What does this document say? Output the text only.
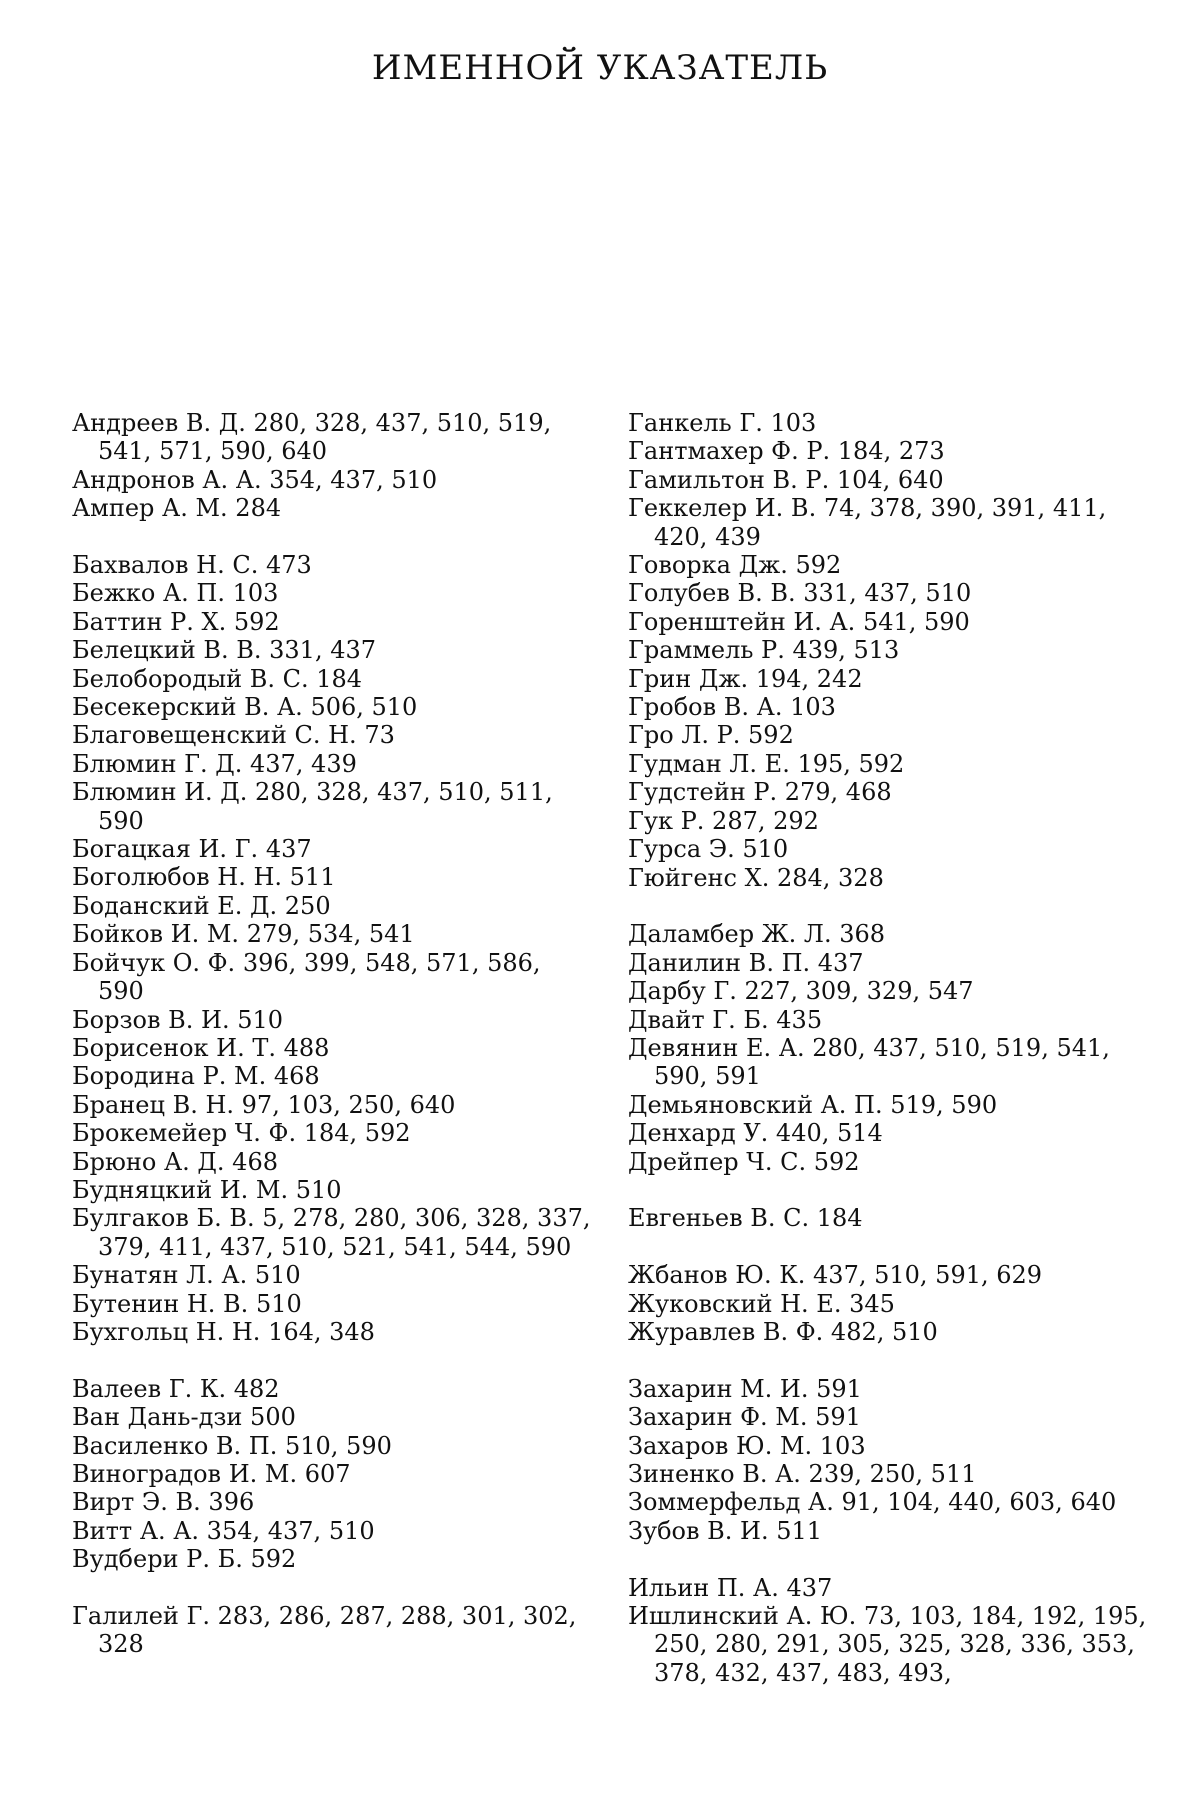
ИМЕННОЙ УКАЗАТЕЛЬ
Андреев В. Д. 280, 328, 437, 510, 519, 541, 571, 590, 640
Андронов А. А. 354, 437, 510
Ампер А. М. 284
Бахвалов Н. С. 473
Бежко А. П. 103
Баттин Р. Х. 592
Белецкий В. В. 331, 437
Белобородый В. С. 184
Бесекерский В. А. 506, 510
Благовещенский С. Н. 73
Блюмин Г. Д. 437, 439
Блюмин И. Д. 280, 328, 437, 510, 511, 590
Богацкая И. Г. 437
Боголюбов Н. Н. 511
Боданский Е. Д. 250
Бойков И. М. 279, 534, 541
Бойчук О. Ф. 396, 399, 548, 571, 586, 590
Борзов В. И. 510
Борисенок И. Т. 488
Бородина Р. М. 468
Бранец В. Н. 97, 103, 250, 640
Брокемейер Ч. Ф. 184, 592
Брюно А. Д. 468
Будняцкий И. М. 510
Булгаков Б. В. 5, 278, 280, 306, 328, 337, 379, 411, 437, 510, 521, 541, 544, 590
Бунатян Л. А. 510
Бутенин Н. В. 510
Бухгольц Н. Н. 164, 348
Валеев Г. К. 482
Ван Дань-дзи 500
Василенко В. П. 510, 590
Виноградов И. М. 607
Вирт Э. В. 396
Витт А. А. 354, 437, 510
Вудбери Р. Б. 592
Галилей Г. 283, 286, 287, 288, 301, 302, 328
Ганкель Г. 103
Гантмахер Ф. Р. 184, 273
Гамильтон В. Р. 104, 640
Геккелер И. В. 74, 378, 390, 391, 411, 420, 439
Говорка Дж. 592
Голубев В. В. 331, 437, 510
Горенштейн И. А. 541, 590
Граммель Р. 439, 513
Грин Дж. 194, 242
Гробов В. А. 103
Гро Л. Р. 592
Гудман Л. Е. 195, 592
Гудстейн Р. 279, 468
Гук Р. 287, 292
Гурса Э. 510
Гюйгенс Х. 284, 328
Даламбер Ж. Л. 368
Данилин В. П. 437
Дарбу Г. 227, 309, 329, 547
Двайт Г. Б. 435
Девянин Е. А. 280, 437, 510, 519, 541, 590, 591
Демьяновский А. П. 519, 590
Денхард У. 440, 514
Дрейпер Ч. С. 592
Евгеньев В. С. 184
Жбанов Ю. К. 437, 510, 591, 629
Жуковский Н. Е. 345
Журавлев В. Ф. 482, 510
Захарин М. И. 591
Захарин Ф. М. 591
Захаров Ю. М. 103
Зиненко В. А. 239, 250, 511
Зоммерфельд А. 91, 104, 440, 603, 640
Зубов В. И. 511
Ильин П. А. 437
Ишлинский А. Ю. 73, 103, 184, 192, 195, 250, 280, 291, 305, 325, 328, 336, 353, 378, 432, 437, 483, 493,
